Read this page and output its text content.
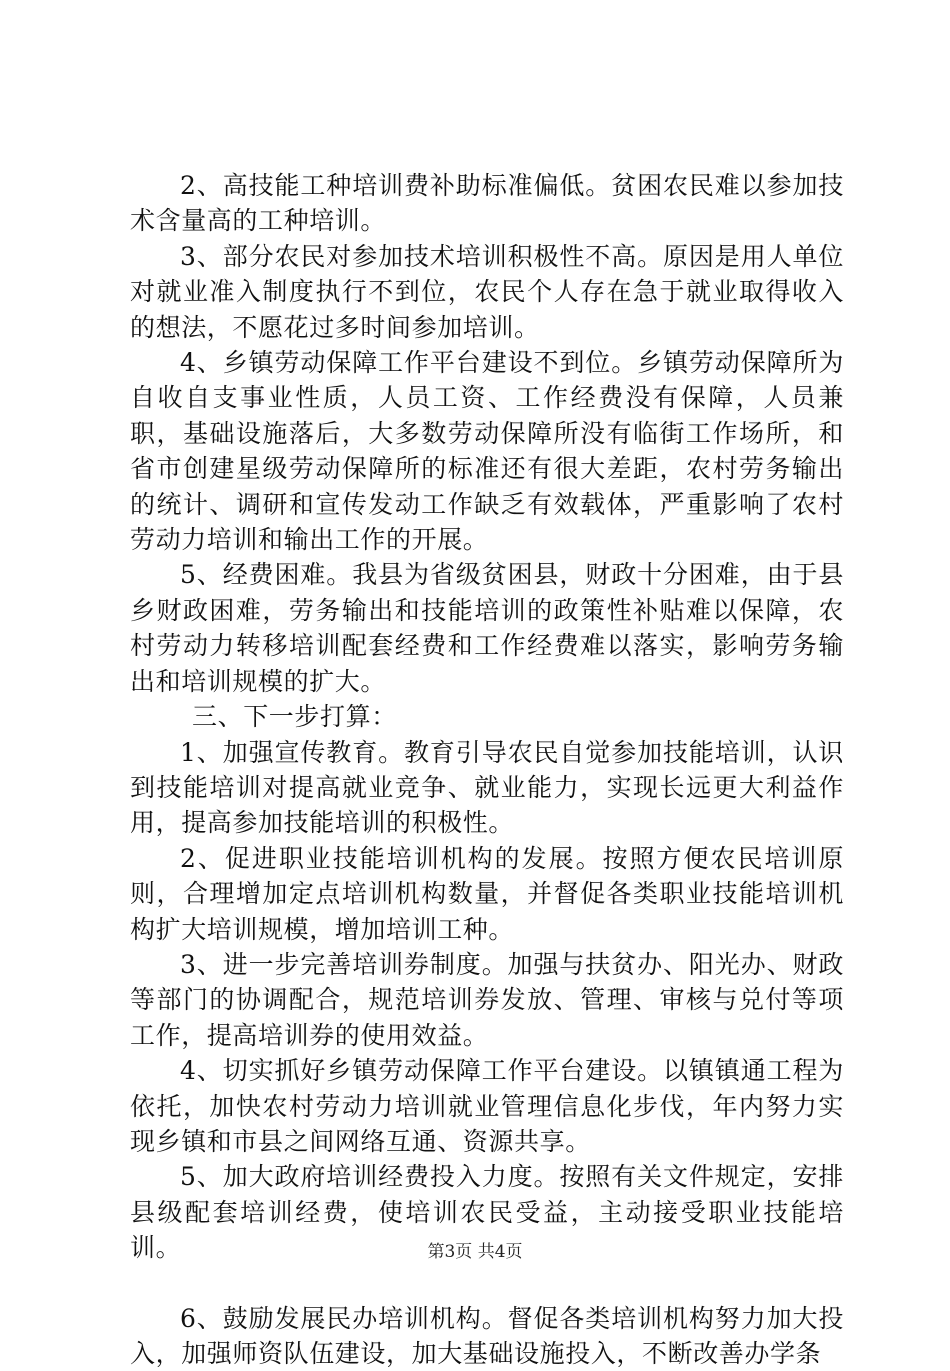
2、高技能工种培训费补助标准偏低。贫困农民难以参加技术含量高的工种培训。

3、部分农民对参加技术培训积极性不高。原因是用人单位对就业准入制度执行不到位，农民个人存在急于就业取得收入的想法，不愿花过多时间参加培训。

4、乡镇劳动保障工作平台建设不到位。乡镇劳动保障所为自收自支事业性质，人员工资、工作经费没有保障，人员兼职，基础设施落后，大多数劳动保障所没有临街工作场所，和省市创建星级劳动保障所的标准还有很大差距，农村劳务输出的统计、调研和宣传发动工作缺乏有效载体，严重影响了农村劳动力培训和输出工作的开展。

5、经费困难。我县为省级贫困县，财政十分困难，由于县乡财政困难，劳务输出和技能培训的政策性补贴难以保障，农村劳动力转移培训配套经费和工作经费难以落实，影响劳务输出和培训规模的扩大。

三、下一步打算：

1、加强宣传教育。教育引导农民自觉参加技能培训，认识到技能培训对提高就业竞争、就业能力，实现长远更大利益作用，提高参加技能培训的积极性。

2、促进职业技能培训机构的发展。按照方便农民培训原则，合理增加定点培训机构数量，并督促各类职业技能培训机构扩大培训规模，增加培训工种。

3、进一步完善培训券制度。加强与扶贫办、阳光办、财政等部门的协调配合，规范培训券发放、管理、审核与兑付等项工作，提高培训券的使用效益。

4、切实抓好乡镇劳动保障工作平台建设。以镇镇通工程为依托，加快农村劳动力培训就业管理信息化步伐，年内努力实现乡镇和市县之间网络互通、资源共享。

5、加大政府培训经费投入力度。按照有关文件规定，安排县级配套培训经费，使培训农民受益，主动接受职业技能培训。

6、鼓励发展民办培训机构。督促各类培训机构努力加大投入，加强师资队伍建设，加大基础设施投入，不断改善办学条

第3页 共4页
